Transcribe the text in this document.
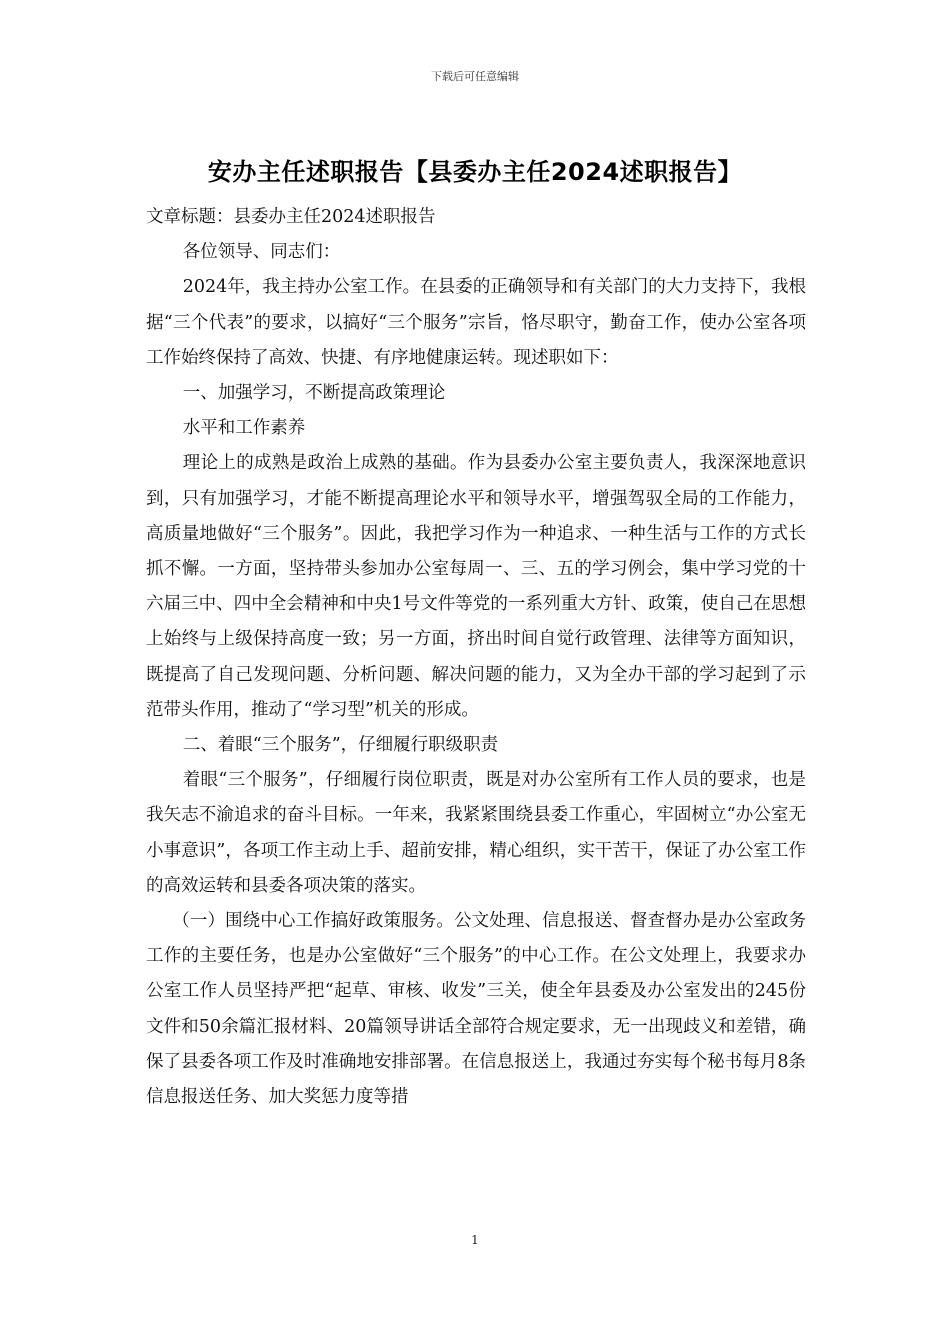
下载后可任意编辑
安办主任述职报告【县委办主任2024述职报告】

文章标题：县委办主任2024述职报告

各位领导、同志们：

2024年，我主持办公室工作。在县委的正确领导和有关部门的大力支持下，我根据“三个代表”的要求，以搞好“三个服务”宗旨，恪尽职守，勤奋工作，使办公室各项工作始终保持了高效、快捷、有序地健康运转。现述职如下：

一、加强学习，不断提高政策理论

水平和工作素养

理论上的成熟是政治上成熟的基础。作为县委办公室主要负责人，我深深地意识到，只有加强学习，才能不断提高理论水平和领导水平，增强驾驭全局的工作能力，高质量地做好“三个服务”。因此，我把学习作为一种追求、一种生活与工作的方式长抓不懈。一方面，坚持带头参加办公室每周一、三、五的学习例会，集中学习党的十六届三中、四中全会精神和中央1号文件等党的一系列重大方针、政策，使自己在思想上始终与上级保持高度一致；另一方面，挤出时间自觉行政管理、法律等方面知识，既提高了自己发现问题、分析问题、解决问题的能力，又为全办干部的学习起到了示范带头作用，推动了“学习型”机关的形成。

二、着眼“三个服务”，仔细履行职级职责

着眼“三个服务”，仔细履行岗位职责，既是对办公室所有工作人员的要求，也是我矢志不渝追求的奋斗目标。一年来，我紧紧围绕县委工作重心，牢固树立“办公室无小事意识”，各项工作主动上手、超前安排，精心组织，实干苦干，保证了办公室工作的高效运转和县委各项决策的落实。

（一）围绕中心工作搞好政策服务。公文处理、信息报送、督查督办是办公室政务工作的主要任务，也是办公室做好“三个服务”的中心工作。在公文处理上，我要求办公室工作人员坚持严把“起草、审核、收发”三关，使全年县委及办公室发出的245份文件和50余篇汇报材料、20篇领导讲话全部符合规定要求，无一出现歧义和差错，确保了县委各项工作及时准确地安排部署。在信息报送上，我通过夯实每个秘书每月8条信息报送任务、加大奖惩力度等措

1
